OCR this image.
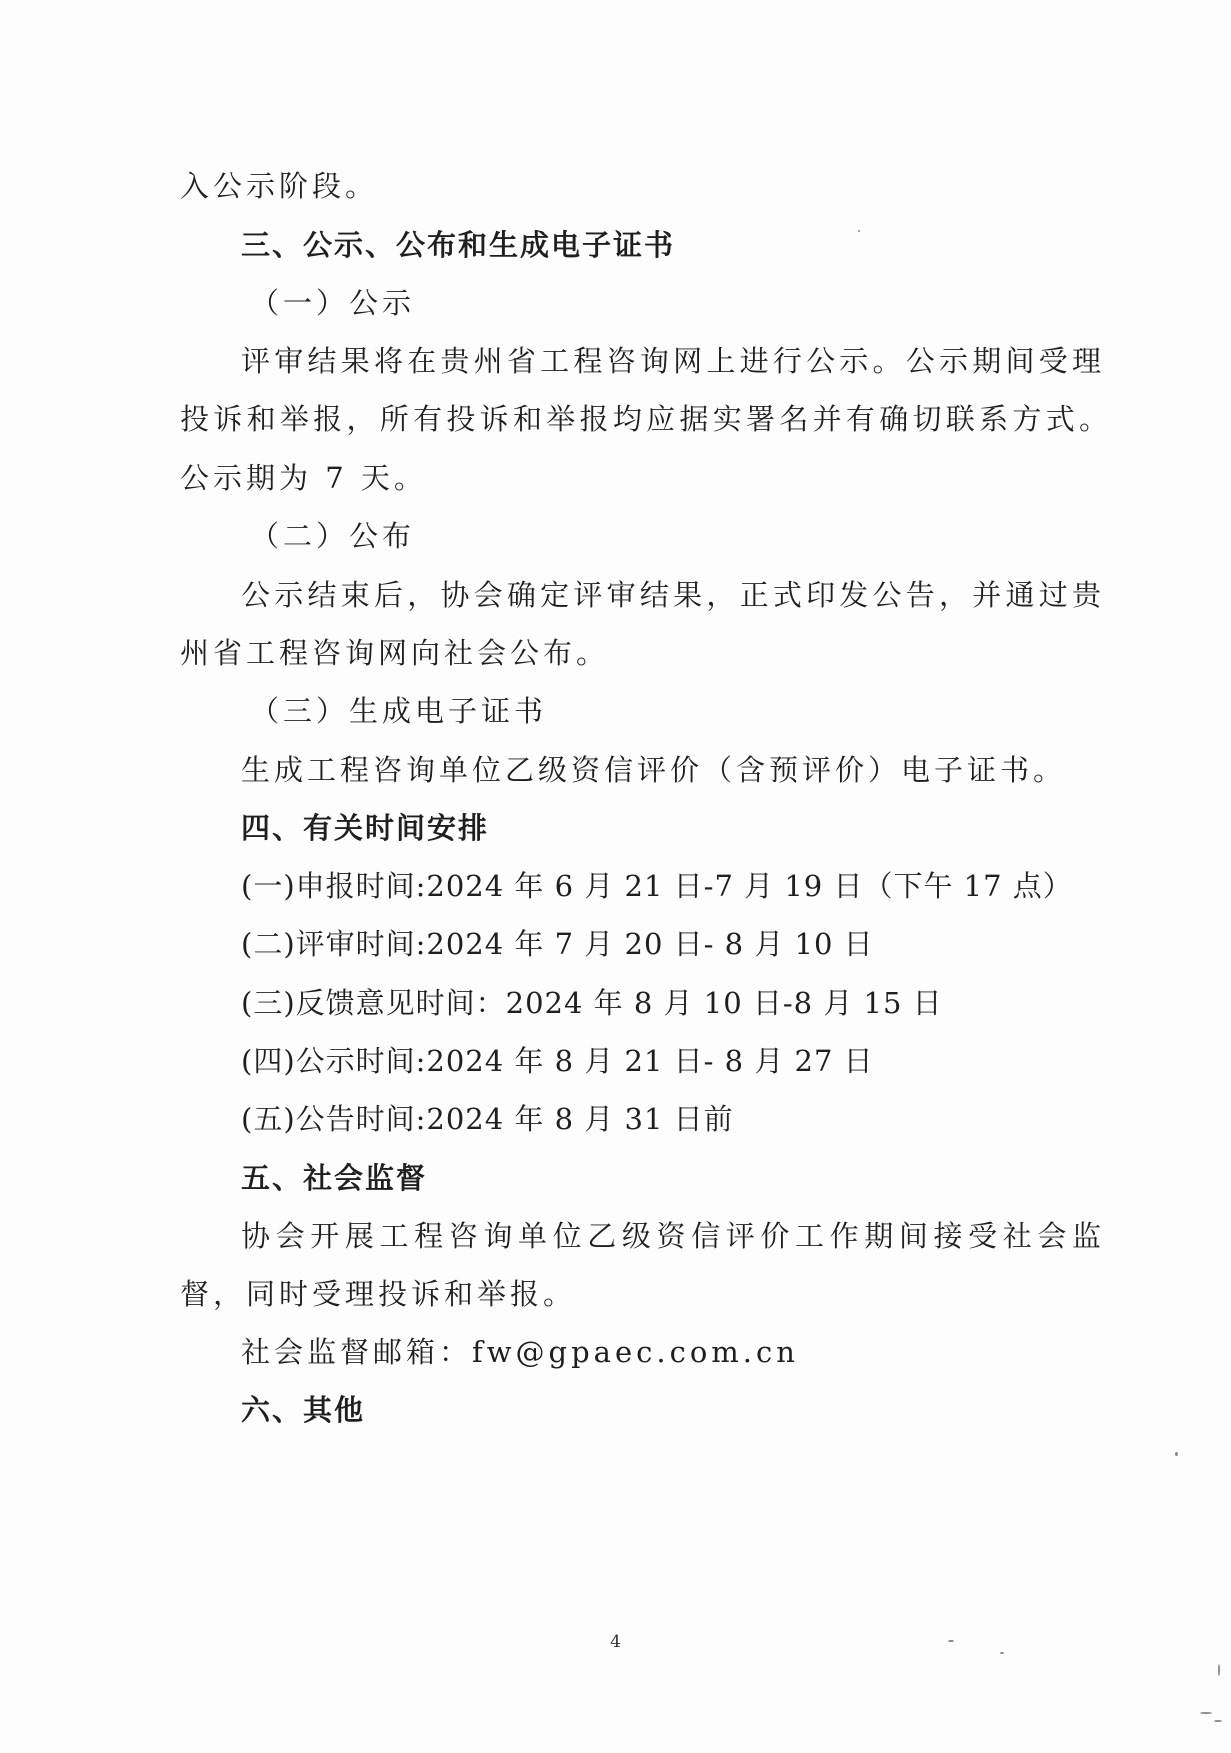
入公示阶段。
三、公示、公布和生成电子证书
（一）公示
评审结果将在贵州省工程咨询网上进行公示。公示期间受理
投诉和举报，所有投诉和举报均应据实署名并有确切联系方式。
公示期为 7 天。
（二）公布
公示结束后，协会确定评审结果，正式印发公告，并通过贵
州省工程咨询网向社会公布。
（三）生成电子证书
生成工程咨询单位乙级资信评价（含预评价）电子证书。
四、有关时间安排
(一)申报时间:2024 年 6 月 21 日-7 月 19 日（下午 17 点）
(二)评审时间:2024 年 7 月 20 日- 8 月 10 日
(三)反馈意见时间：2024 年 8 月 10 日-8 月 15 日
(四)公示时间:2024 年 8 月 21 日- 8 月 27 日
(五)公告时间:2024 年 8 月 31 日前
五、社会监督
协会开展工程咨询单位乙级资信评价工作期间接受社会监
督，同时受理投诉和举报。
社会监督邮箱：fw@gpaec.com.cn
六、其他
4
